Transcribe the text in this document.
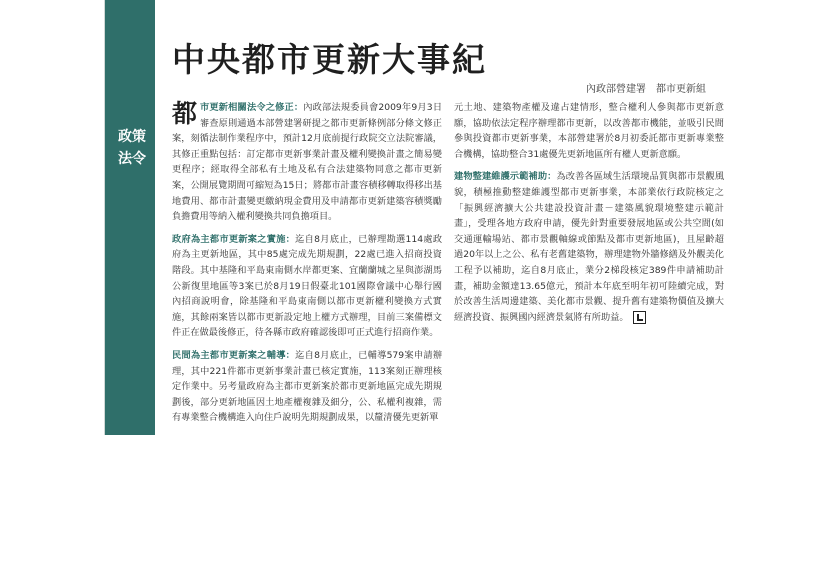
政策法令
中央都市更新大事紀
內政部營建署　都市更新組

都市更新相關法令之修正：內政部法規委員會2009年9月3日審查原則通過本部營建署研提之都市更新條例部分條文修正案，刻循法制作業程序中，預計12月底前提行政院交立法院審議，其修正重點包括：訂定都市更新事業計畫及權利變換計畫之簡易變更程序；經取得全部私有土地及私有合法建築物同意之都市更新案，公開展覽期間可縮短為15日；將都市計畫容積移轉取得移出基地費用、都市計畫變更繳納現金費用及申請都市更新建築容積獎勵負擔費用等納入權利變換共同負擔項目。

政府為主都市更新案之實施：迄自8月底止，已辦理勘選114處政府為主更新地區，其中85處完成先期規劃，22處已進入招商投資階段。其中基隆和平島東南側水岸都更案、宜蘭蘭城之星與澎湖馬公新復里地區等3案已於8月19日假臺北101國際會議中心舉行國內招商說明會，除基隆和平島東南側以都市更新權利變換方式實施，其餘兩案皆以都市更新設定地上權方式辦理，目前三案備標文件正在做最後修正，待各縣市政府確認後即可正式進行招商作業。

民間為主都市更新案之輔導：迄自8月底止，已輔導579案申請辦理，其中221件都市更新事業計畫已核定實施，113案刻正辦理核定作業中。另考量政府為主都市更新案於都市更新地區完成先期規劃後，部分更新地區因土地產權複雜及細分，公、私權利複雜，需有專業整合機構進入向住戶說明先期規劃成果，以釐清優先更新單

元土地、建築物產權及違占建情形，整合權利人參與都市更新意願，協助依法定程序辦理都市更新，以改善都市機能，並吸引民間參與投資都市更新事業，本部營建署於8月初委託都市更新專業整合機構，協助整合31處優先更新地區所有權人更新意願。

建物整建維護示範補助：為改善各區域生活環境品質與都市景觀風貌，積極推動整建維護型都市更新事業，本部業依行政院核定之「振興經濟擴大公共建設投資計畫－建築風貌環境整建示範計畫」，受理各地方政府申請，優先針對重要發展地區或公共空間(如交通運輸場站、都市景觀軸線或節點及都市更新地區)，且屋齡超過20年以上之公、私有老舊建築物，辦理建物外牆修繕及外觀美化工程予以補助，迄自8月底止，業分2梯段核定389件申請補助計畫，補助金額達13.65億元，預計本年底至明年初可陸續完成，對於改善生活周邊建築、美化都市景觀、提升舊有建築物價值及擴大經濟投資、振興國內經濟景氣將有所助益。
